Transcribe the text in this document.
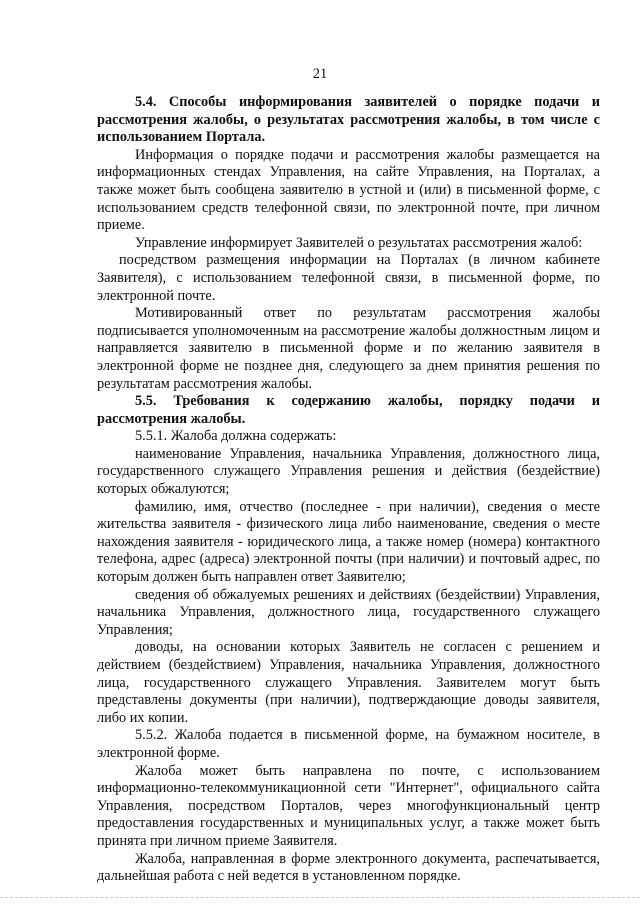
21

5.4. Способы информирования заявителей о порядке подачи и рассмотрения жалобы, о результатах рассмотрения жалобы, в том числе с использованием Портала.

Информация о порядке подачи и рассмотрения жалобы размещается на информационных стендах Управления, на сайте Управления, на Порталах, а также может быть сообщена заявителю в устной и (или) в письменной форме, с использованием средств телефонной связи, по электронной почте, при личном приеме.

Управление информирует Заявителей о результатах рассмотрения жалоб:

посредством размещения информации на Порталах (в личном кабинете Заявителя), с использованием телефонной связи, в письменной форме, по электронной почте.

Мотивированный ответ по результатам рассмотрения жалобы подписывается уполномоченным на рассмотрение жалобы должностным лицом и направляется заявителю в письменной форме и по желанию заявителя в электронной форме не позднее дня, следующего за днем принятия решения по результатам рассмотрения жалобы.

5.5. Требования к содержанию жалобы, порядку подачи и рассмотрения жалобы.

5.5.1. Жалоба должна содержать:

наименование Управления, начальника Управления, должностного лица, государственного служащего Управления решения и действия (бездействие) которых обжалуются;

фамилию, имя, отчество (последнее - при наличии), сведения о месте жительства заявителя - физического лица либо наименование, сведения о месте нахождения заявителя - юридического лица, а также номер (номера) контактного телефона, адрес (адреса) электронной почты (при наличии) и почтовый адрес, по которым должен быть направлен ответ Заявителю;

сведения об обжалуемых решениях и действиях (бездействии) Управления, начальника Управления, должностного лица, государственного служащего Управления;

доводы, на основании которых Заявитель не согласен с решением и действием (бездействием) Управления, начальника Управления, должностного лица, государственного служащего Управления. Заявителем могут быть представлены документы (при наличии), подтверждающие доводы заявителя, либо их копии.

5.5.2. Жалоба подается в письменной форме, на бумажном носителе, в электронной форме.

Жалоба может быть направлена по почте, с использованием информационно-телекоммуникационной сети "Интернет", официального сайта Управления, посредством Порталов, через многофункциональный центр предоставления государственных и муниципальных услуг, а также может быть принята при личном приеме Заявителя.

Жалоба, направленная в форме электронного документа, распечатывается, дальнейшая работа с ней ведется в установленном порядке.
